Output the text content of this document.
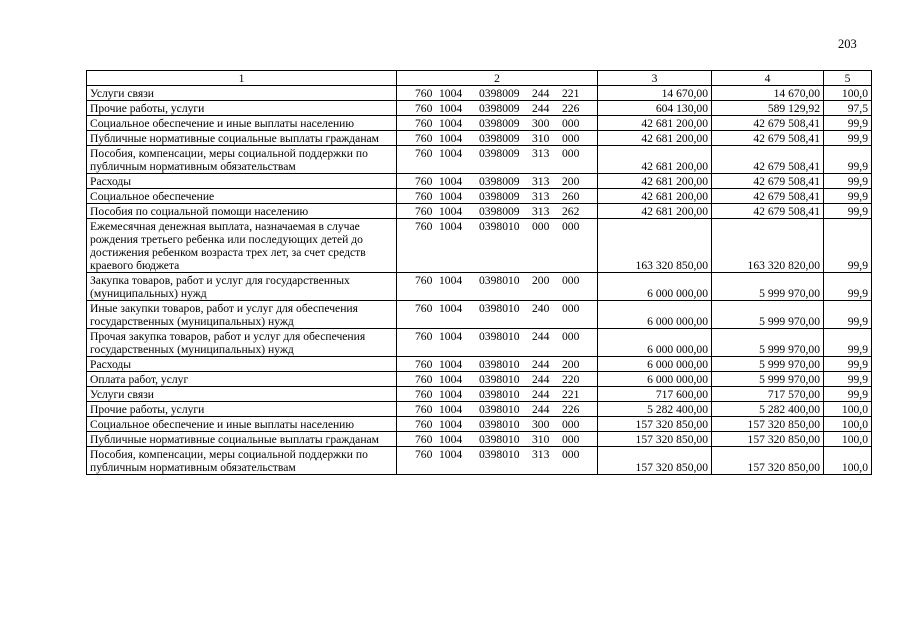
203
1	2	3	4	5
Услуги связи	760 1004 0398009 244 221	14 670,00	14 670,00	100,0
Прочие работы, услуги	760 1004 0398009 244 226	604 130,00	589 129,92	97,5
Социальное обеспечение и иные выплаты населению	760 1004 0398009 300 000	42 681 200,00	42 679 508,41	99,9
Публичные нормативные социальные выплаты гражданам	760 1004 0398009 310 000	42 681 200,00	42 679 508,41	99,9
Пособия, компенсации, меры социальной поддержки по публичным нормативным обязательствам	760 1004 0398009 313 000	42 681 200,00	42 679 508,41	99,9
Расходы	760 1004 0398009 313 200	42 681 200,00	42 679 508,41	99,9
Социальное обеспечение	760 1004 0398009 313 260	42 681 200,00	42 679 508,41	99,9
Пособия по социальной помощи населению	760 1004 0398009 313 262	42 681 200,00	42 679 508,41	99,9
Ежемесячная денежная выплата, назначаемая в случае рождения третьего ребенка или последующих детей до достижения ребенком возраста трех лет, за счет средств краевого бюджета	760 1004 0398010 000 000	163 320 850,00	163 320 820,00	99,9
Закупка товаров, работ и услуг для государственных (муниципальных) нужд	760 1004 0398010 200 000	6 000 000,00	5 999 970,00	99,9
Иные закупки товаров, работ и услуг для обеспечения государственных (муниципальных) нужд	760 1004 0398010 240 000	6 000 000,00	5 999 970,00	99,9
Прочая закупка товаров, работ и услуг для обеспечения государственных (муниципальных) нужд	760 1004 0398010 244 000	6 000 000,00	5 999 970,00	99,9
Расходы	760 1004 0398010 244 200	6 000 000,00	5 999 970,00	99,9
Оплата работ, услуг	760 1004 0398010 244 220	6 000 000,00	5 999 970,00	99,9
Услуги связи	760 1004 0398010 244 221	717 600,00	717 570,00	99,9
Прочие работы, услуги	760 1004 0398010 244 226	5 282 400,00	5 282 400,00	100,0
Социальное обеспечение и иные выплаты населению	760 1004 0398010 300 000	157 320 850,00	157 320 850,00	100,0
Публичные нормативные социальные выплаты гражданам	760 1004 0398010 310 000	157 320 850,00	157 320 850,00	100,0
Пособия, компенсации, меры социальной поддержки по публичным нормативным обязательствам	760 1004 0398010 313 000	157 320 850,00	157 320 850,00	100,0
